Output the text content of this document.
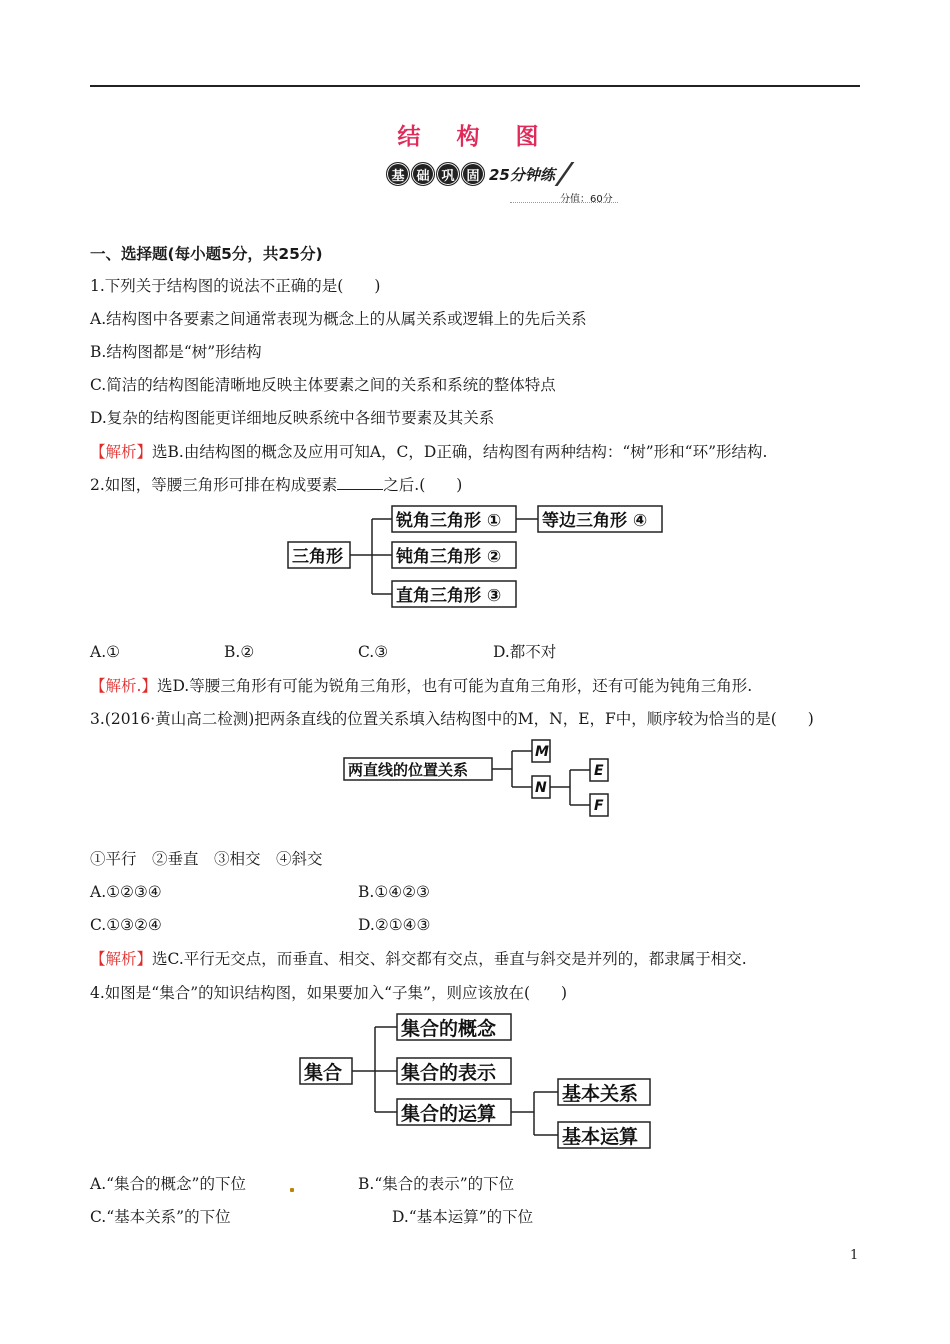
结 构 图
基 础 巩 固 25分钟练
分值：60分
一、选择题(每小题5分，共25分)
1.下列关于结构图的说法不正确的是(　　)
A.结构图中各要素之间通常表现为概念上的从属关系或逻辑上的先后关系
B.结构图都是“树”形结构
C.简洁的结构图能清晰地反映主体要素之间的关系和系统的整体特点
D.复杂的结构图能更详细地反映系统中各细节要素及其关系
【解析】选B.由结构图的概念及应用可知A，C，D正确，结构图有两种结构：“树”形和“环”形结构.
2.如图，等腰三角形可排在构成要素	之后.(　　)
三角形
锐角三角形 ①
钝角三角形 ②
直角三角形 ③
等边三角形 ④
A.①	B.②	C.③	D.都不对
【解析.】选D.等腰三角形有可能为锐角三角形，也有可能为直角三角形，还有可能为钝角三角形.
3.(2016·黄山高二检测)把两条直线的位置关系填入结构图中的M，N，E，F中，顺序较为恰当的是(　　)
两直线的位置关系
M
N
E
F
①平行　②垂直　③相交　④斜交
A.①②③④	B.①④②③
C.①③②④	D.②①④③
【解析】选C.平行无交点，而垂直、相交、斜交都有交点，垂直与斜交是并列的，都隶属于相交.
4.如图是“集合”的知识结构图，如果要加入“子集”，则应该放在(　　)
集合
集合的概念
集合的表示
集合的运算
基本关系
基本运算
A.“集合的概念”的下位	B.“集合的表示”的下位
C.“基本关系”的下位	D.“基本运算”的下位
1
